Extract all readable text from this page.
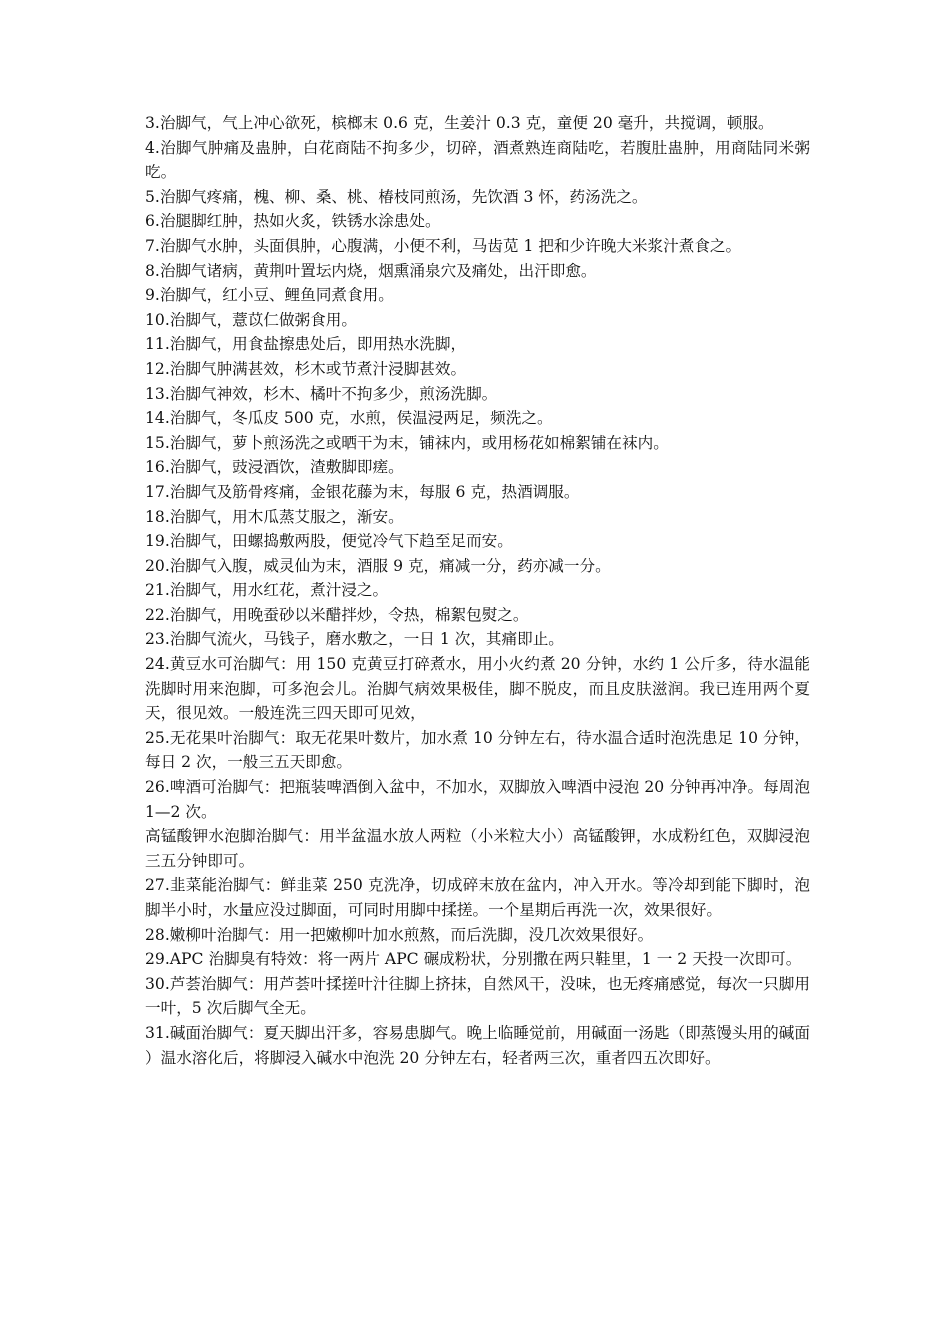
3.治脚气，气上冲心欲死，槟榔末 0.6 克，生姜汁 0.3 克，童便 20 毫升，共搅调，顿服。

4.治脚气肿痛及蛊肿，白花商陆不拘多少，切碎，酒煮熟连商陆吃，若腹肚蛊肿，用商陆同米粥吃。

5.治脚气疼痛，槐、柳、桑、桃、椿枝同煎汤，先饮酒 3 怀，药汤洗之。

6.治腿脚红肿，热如火炙，铁锈水涂患处。

7.治脚气水肿，头面俱肿，心腹满，小便不利，马齿苋 1 把和少许晚大米浆汁煮食之。

8.治脚气诸病，黄荆叶置坛内烧，烟熏涌泉穴及痛处，出汗即愈。

9.治脚气，红小豆、鲤鱼同煮食用。

10.治脚气，薏苡仁做粥食用。

11.治脚气，用食盐擦患处后，即用热水洗脚，

12.治脚气肿满甚效，杉木或节煮汁浸脚甚效。

13.治脚气神效，杉木、橘叶不拘多少，煎汤洗脚。

14.治脚气，冬瓜皮 500 克，水煎，侯温浸两足，频洗之。

15.治脚气，萝卜煎汤洗之或晒干为末，铺袜内，或用杨花如棉絮铺在袜内。

16.治脚气，豉浸酒饮，渣敷脚即瘥。

17.治脚气及筋骨疼痛，金银花藤为末，每服 6 克，热酒调服。

18.治脚气，用木瓜蒸艾服之，渐安。

19.治脚气，田螺捣敷两股，便觉冷气下趋至足而安。

20.治脚气入腹，威灵仙为末，酒服 9 克，痛减一分，药亦减一分。

21.治脚气，用水红花，煮汁浸之。

22.治脚气，用晚蚕砂以米醋拌炒，令热，棉絮包熨之。

23.治脚气流火，马钱子，磨水敷之，一日 1 次，其痛即止。

24.黄豆水可治脚气：用 150 克黄豆打碎煮水，用小火约煮 20 分钟，水约 1 公斤多，待水温能洗脚时用来泡脚，可多泡会儿。治脚气病效果极佳，脚不脱皮，而且皮肤滋润。我已连用两个夏天，很见效。一般连洗三四天即可见效，

25.无花果叶治脚气：取无花果叶数片，加水煮 10 分钟左右，待水温合适时泡洗患足 10 分钟，每日 2 次，一般三五天即愈。

26.啤酒可治脚气：把瓶装啤酒倒入盆中，不加水，双脚放入啤酒中浸泡 20 分钟再冲净。每周泡 1—2 次。

高锰酸钾水泡脚治脚气：用半盆温水放人两粒（小米粒大小）高锰酸钾，水成粉红色，双脚浸泡三五分钟即可。

27.韭菜能治脚气：鲜韭菜 250 克洗净，切成碎末放在盆内，冲入开水。等冷却到能下脚时，泡脚半小时，水量应没过脚面，可同时用脚中揉搓。一个星期后再洗一次，效果很好。

28.嫩柳叶治脚气：用一把嫩柳叶加水煎熬，而后洗脚，没几次效果很好。

29.APC 治脚臭有特效：将一两片 APC 碾成粉状，分别撒在两只鞋里，1 一 2 天投一次即可。

30.芦荟治脚气：用芦荟叶揉搓叶汁往脚上挤抹，自然风干，没味，也无疼痛感觉，每次一只脚用一叶，5 次后脚气全无。

31.碱面治脚气：夏天脚出汗多，容易患脚气。晚上临睡觉前，用碱面一汤匙（即蒸馒头用的碱面）温水溶化后，将脚浸入碱水中泡洗 20 分钟左右，轻者两三次，重者四五次即好。
